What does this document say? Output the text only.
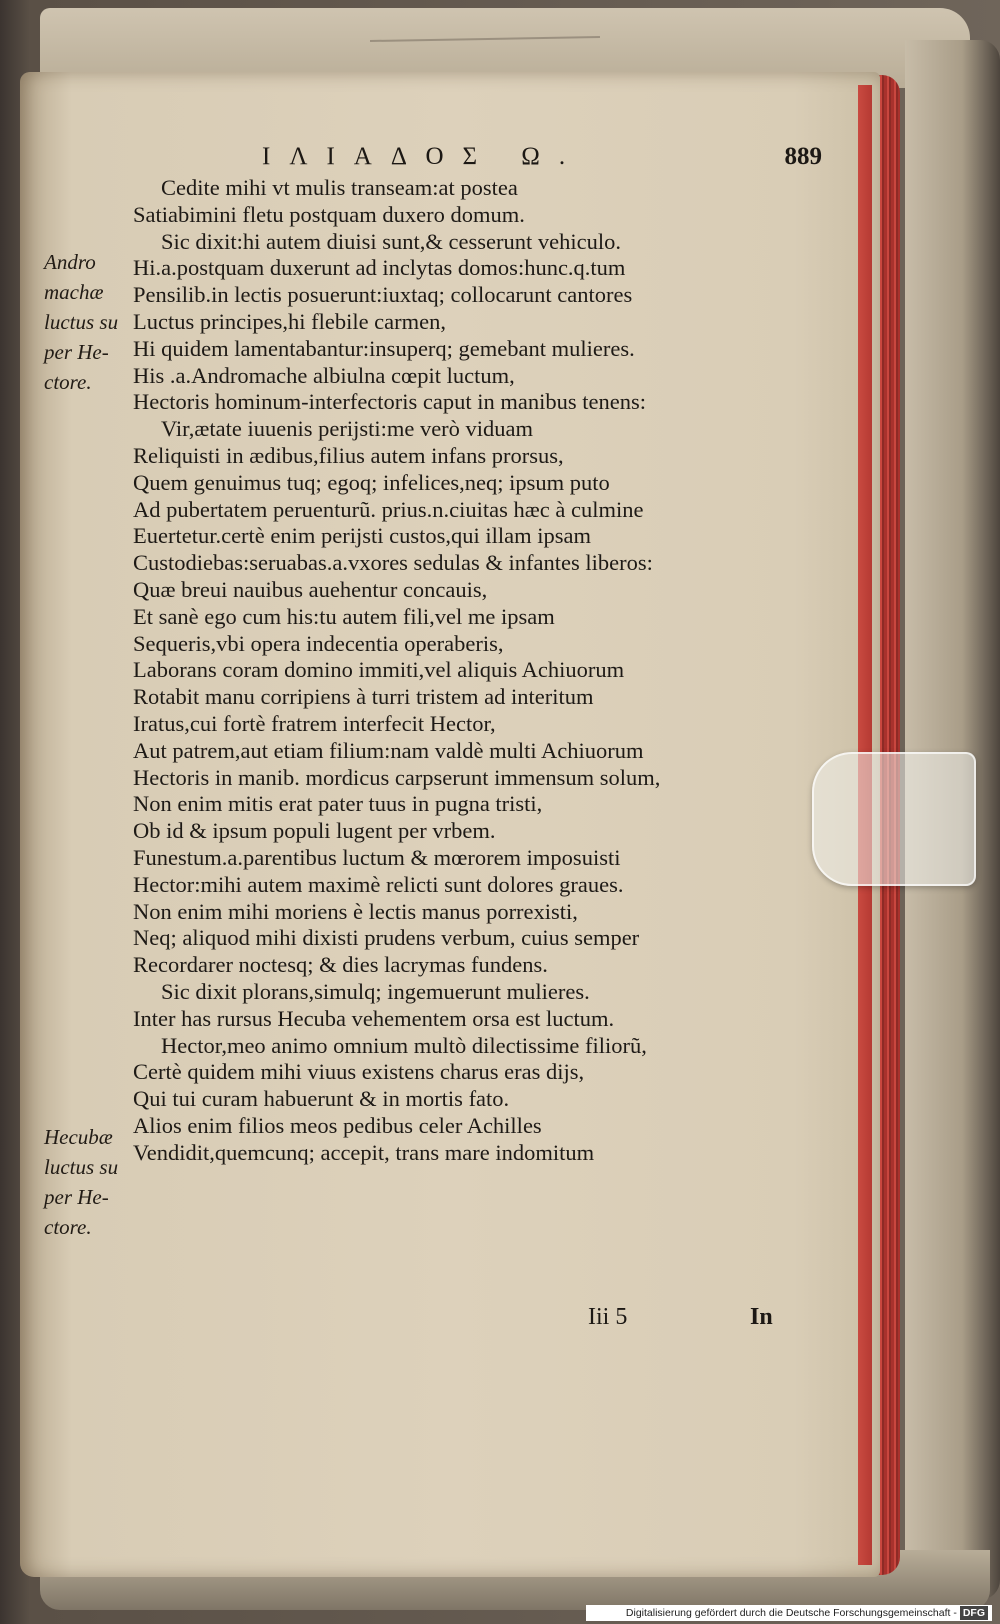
ΙΛΙΑΔΟΣ Ω.	889
Cedite mihi vt mulis transeam:at postea
Satiabimini fletu postquam duxero domum.
Sic dixit:hi autem diuisi sunt,& cesserunt vehiculo.
Hi.a.postquam duxerunt ad inclytas domos:hunc.q.tum
Pensilib.in lectis posuerunt:iuxtaq; collocarunt cantores
Luctus principes,hi flebile carmen,
Hi quidem lamentabantur:insuperq; gemebant mulieres.
His .a.Andromache albiulna cœpit luctum,
Hectoris hominum-interfectoris caput in manibus tenens:
Vir,ætate iuuenis perijsti:me verò viduam
Reliquisti in ædibus,filius autem infans prorsus,
Quem genuimus tuq; egoq; infelices,neq; ipsum puto
Ad pubertatem peruenturũ. prius.n.ciuitas hæc à culmine
Euertetur.certè enim perijsti custos,qui illam ipsam
Custodiebas:seruabas.a.vxores sedulas & infantes liberos:
Quæ breui nauibus auehentur concauis,
Et sanè ego cum his:tu autem fili,vel me ipsam
Sequeris,vbi opera indecentia operaberis,
Laborans coram domino immiti,vel aliquis Achiuorum
Rotabit manu corripiens à turri tristem ad interitum
Iratus,cui fortè fratrem interfecit Hector,
Aut patrem,aut etiam filium:nam valdè multi Achiuorum
Hectoris in manib. mordicus carpserunt immensum solum,
Non enim mitis erat pater tuus in pugna tristi,
Ob id & ipsum populi lugent per vrbem.
Funestum.a.parentibus luctum & mœrorem imposuisti
Hector:mihi autem maximè relicti sunt dolores graues.
Non enim mihi moriens è lectis manus porrexisti,
Neq; aliquod mihi dixisti prudens verbum, cuius semper
Recordarer noctesq; & dies lacrymas fundens.
Sic dixit plorans,simulq; ingemuerunt mulieres.
Inter has rursus Hecuba vehementem orsa est luctum.
Hector,meo animo omnium multò dilectissime filiorũ,
Certè quidem mihi viuus existens charus eras dijs,
Qui tui curam habuerunt & in mortis fato.
Alios enim filios meos pedibus celer Achilles
Vendidit,quemcunq; accepit, trans mare indomitum
Andro
machæ
luctus su
per He-
ctore.
Hecubæ
luctus su
per He-
ctore.
Iii 5	In
Digitalisierung gefördert durch die Deutsche Forschungsgemeinschaft - DFG
